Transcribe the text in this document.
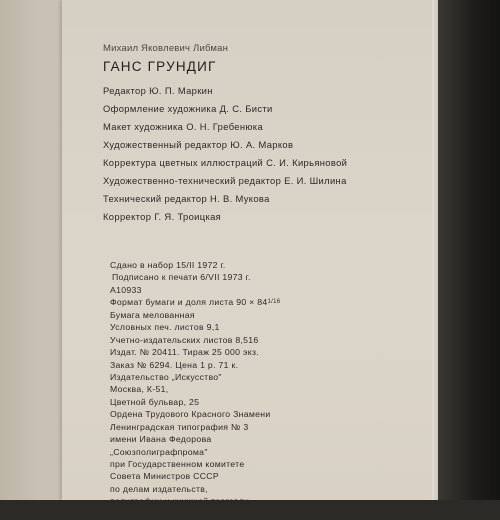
Михаил Яковлевич Либман

ГАНС ГРУНДИГ

Редактор Ю. П. Маркин
Оформление художника Д. С. Бисти
Макет художника О. Н. Гребенюка
Художественный редактор Ю. А. Марков
Корректура цветных иллюстраций С. И. Кирьяновой
Художественно-технический редактор Е. И. Шилина
Технический редактор Н. В. Мукова
Корректор Г. Я. Троицкая
Сдано в набор 15/II 1972 г.
Подписано к печати 6/VII 1973 г.
А10933
Формат бумаги и доля листа $90 \times 84^{1/16}$
Бумага мелованная
Условных печ. листов 9,1
Учетно-издательских листов 8,516
Издат. № 20411. Тираж 25 000 экз.
Заказ № 6294. Цена 1 р. 71 к.
Издательство „Искусство"
Москва, К-51,
Цветной бульвар, 25
Ордена Трудового Красного Знамени
Ленинградская типография № 3
имени Ивана Федорова
„Союзполиграфпрома"
при Государственном комитете
Совета Министров СССР
по делам издательств,
полиграфии и книжной торговли.
Ленинград 196126, Звенигородская, 11
